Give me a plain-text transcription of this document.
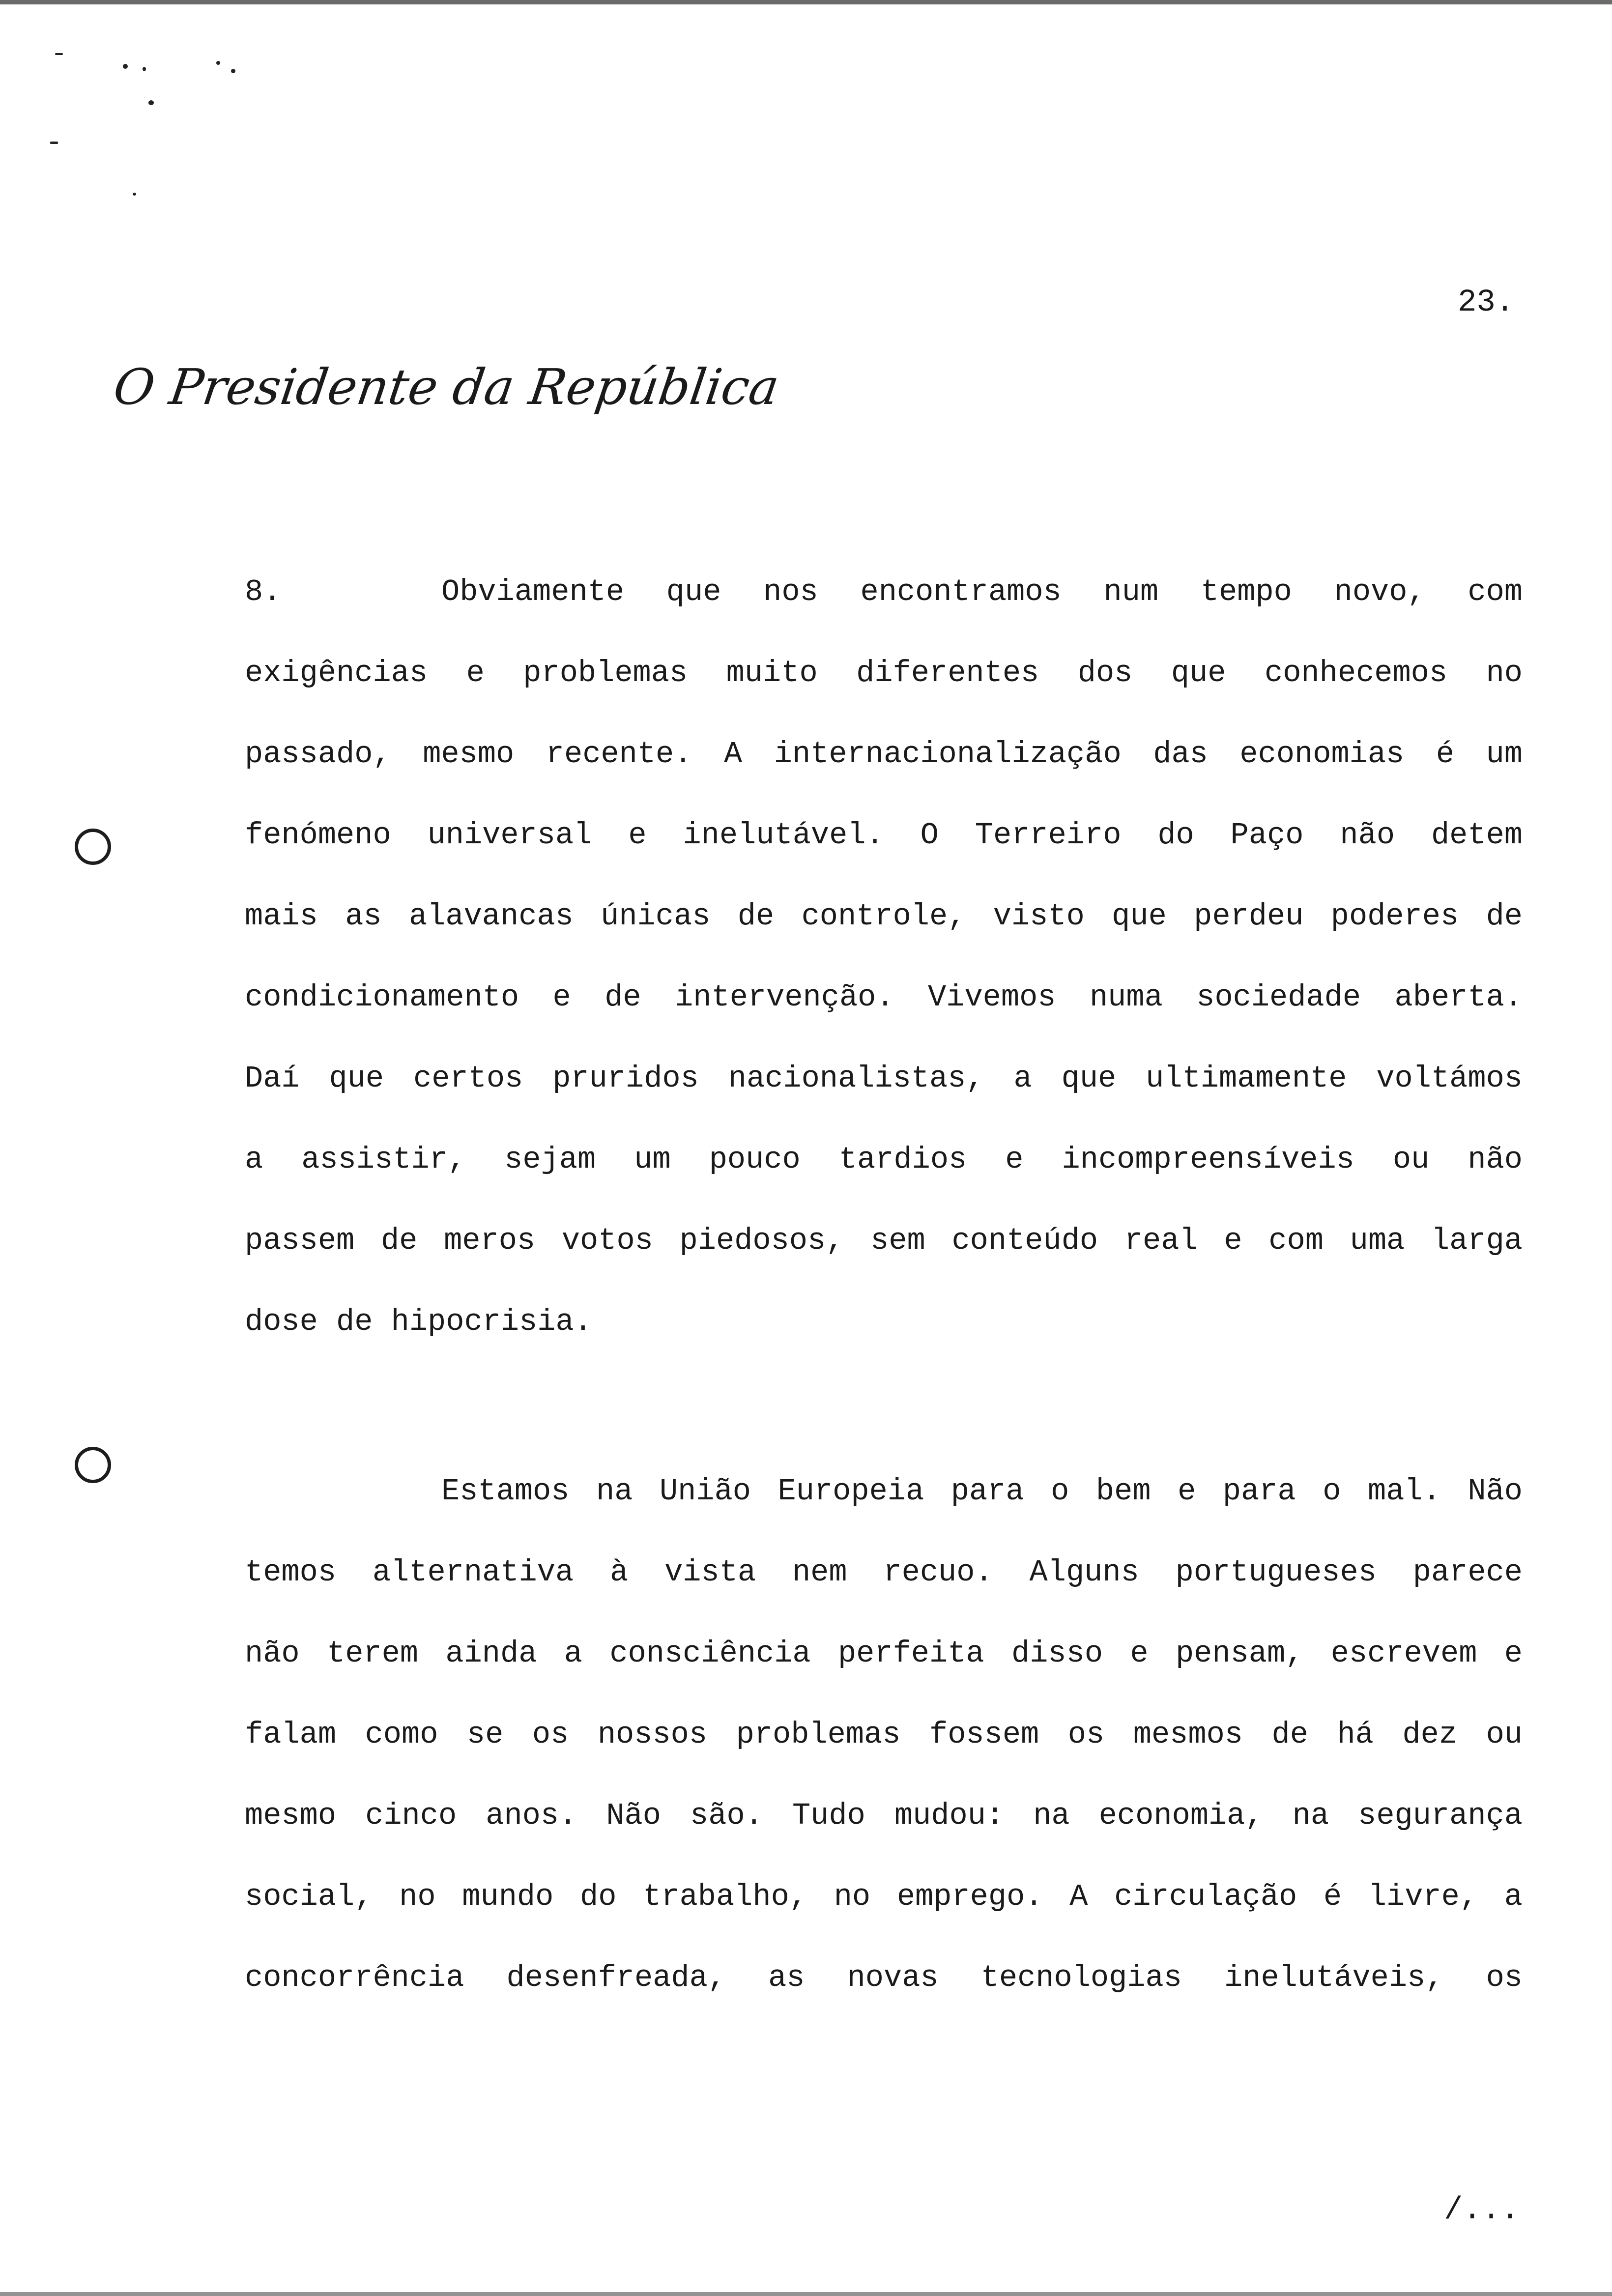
23.
O Presidente da República
8.	Obviamente que nos encontramos num tempo novo, com
exigências e problemas muito diferentes dos que conhecemos no
passado, mesmo recente. A internacionalização das economias é um
fenómeno universal e inelutável. O Terreiro do Paço não detem
mais as alavancas únicas de controle, visto que perdeu poderes de
condicionamento e de intervenção. Vivemos numa sociedade aberta.
Daí que certos pruridos nacionalistas, a que ultimamente voltámos
a assistir, sejam um pouco tardios e incompreensíveis ou não
passem de meros votos piedosos, sem conteúdo real e com uma larga
dose de hipocrisia.
Estamos na União Europeia para o bem e para o mal. Não
temos alternativa à vista nem recuo. Alguns portugueses parece
não terem ainda a consciência perfeita disso e pensam, escrevem e
falam como se os nossos problemas fossem os mesmos de há dez ou
mesmo cinco anos. Não são. Tudo mudou: na economia, na segurança
social, no mundo do trabalho, no emprego. A circulação é livre, a
concorrência desenfreada, as novas tecnologias inelutáveis, os
/...
